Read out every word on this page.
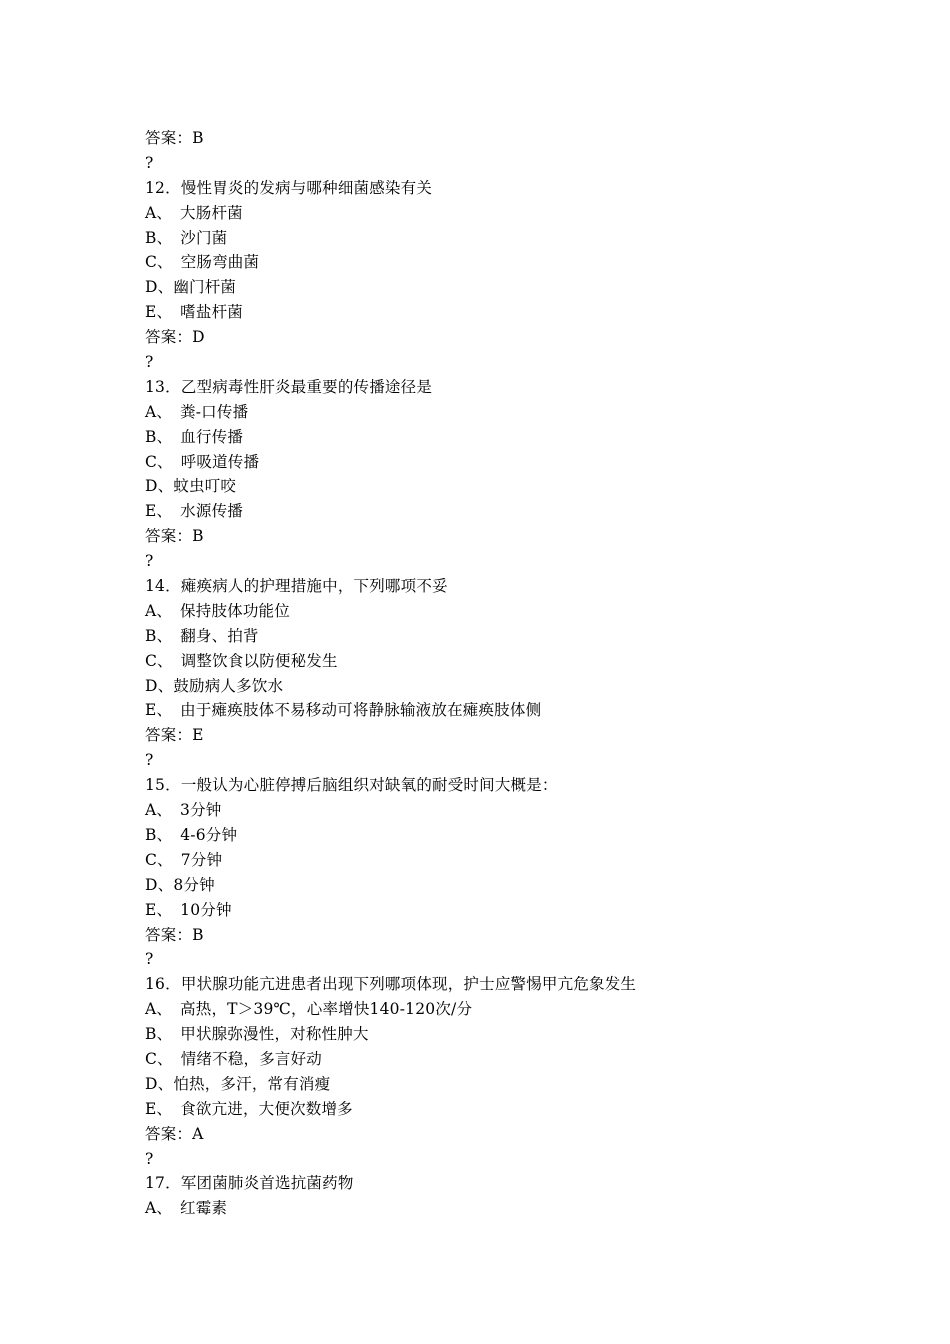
答案：B
?
12．慢性胃炎的发病与哪种细菌感染有关
A、　大肠杆菌
B、　沙门菌
C、　空肠弯曲菌
D、幽门杆菌
E、　嗜盐杆菌
答案：D
?
13．乙型病毒性肝炎最重要的传播途径是
A、　粪-口传播
B、　血行传播
C、　呼吸道传播
D、蚊虫叮咬
E、　水源传播
答案：B
?
14．瘫痪病人的护理措施中，下列哪项不妥
A、　保持肢体功能位
B、　翻身、拍背
C、　调整饮食以防便秘发生
D、鼓励病人多饮水
E、　由于瘫痪肢体不易移动可将静脉输液放在瘫痪肢体侧
答案：E
?
15．一般认为心脏停搏后脑组织对缺氧的耐受时间大概是：
A、　3分钟
B、　4-6分钟
C、　7分钟
D、8分钟
E、　10分钟
答案：B
?
16．甲状腺功能亢进患者出现下列哪项体现，护士应警惕甲亢危象发生
A、　高热，T＞39℃，心率增快140-120次/分
B、　甲状腺弥漫性，对称性肿大
C、　情绪不稳，多言好动
D、怕热，多汗，常有消瘦
E、　食欲亢进，大便次数增多
答案：A
?
17．军团菌肺炎首选抗菌药物
A、　红霉素
